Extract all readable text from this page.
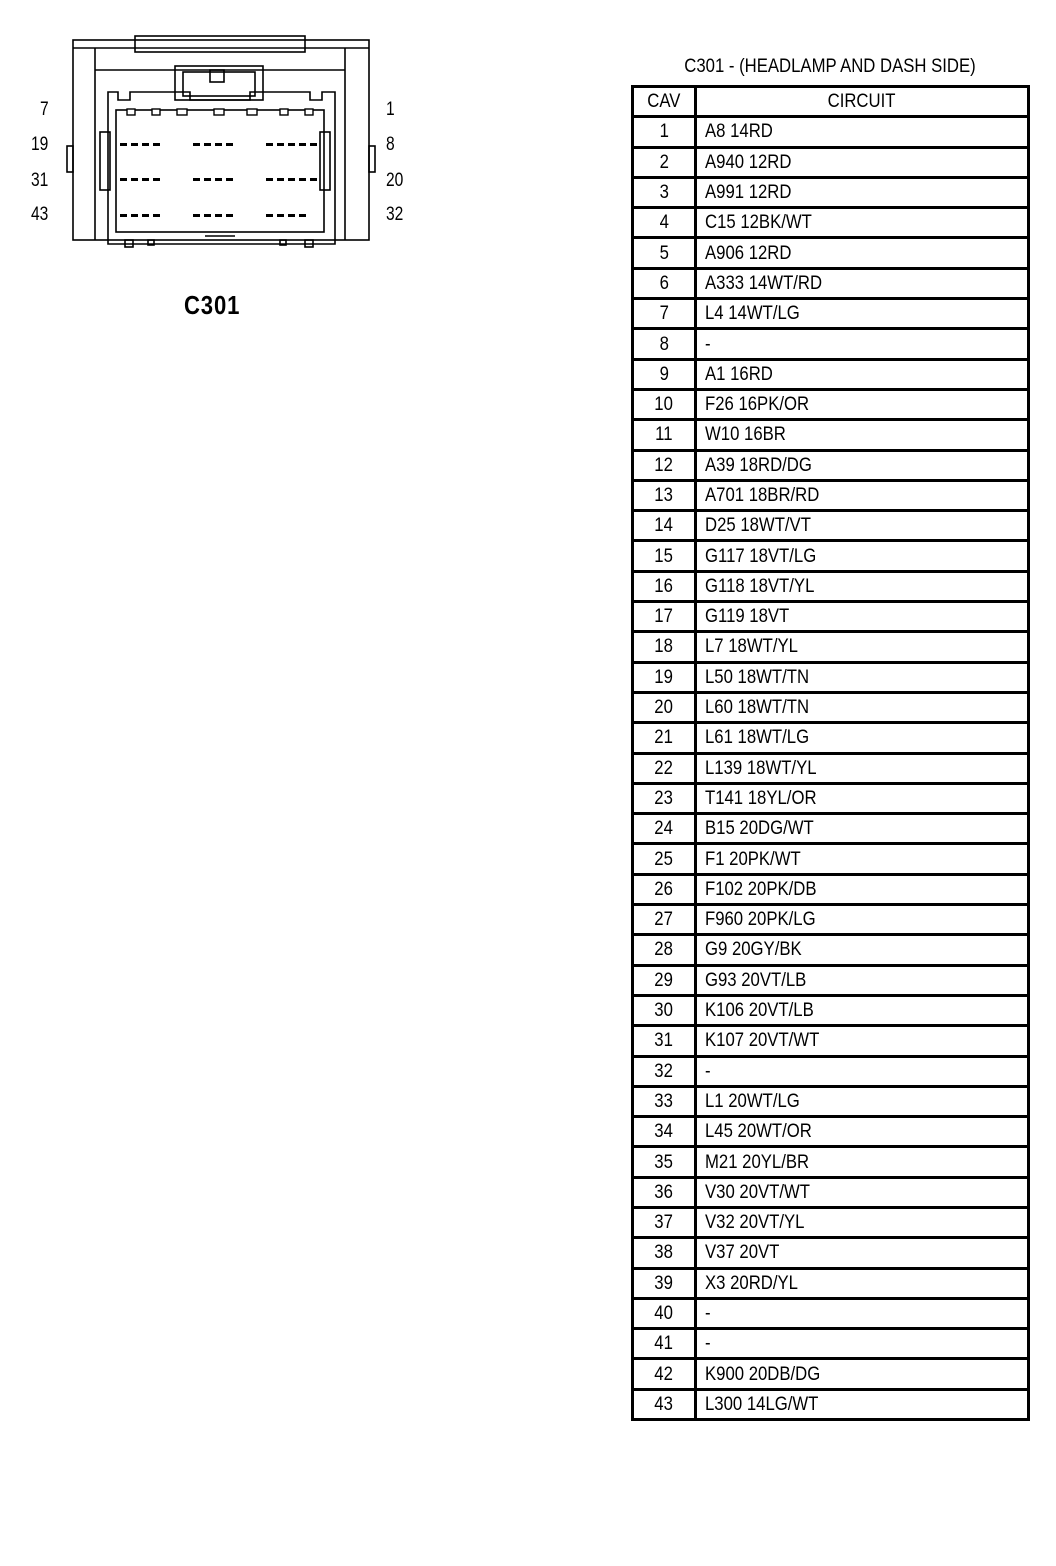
7
19
31
43
1
8
20
32
C301
C301 - (HEADLAMP AND DASH SIDE)
CAV	CIRCUIT
1	A8 14RD
2	A940 12RD
3	A991 12RD
4	C15 12BK/WT
5	A906 12RD
6	A333 14WT/RD
7	L4 14WT/LG
8	-
9	A1 16RD
10	F26 16PK/OR
11	W10 16BR
12	A39 18RD/DG
13	A701 18BR/RD
14	D25 18WT/VT
15	G117 18VT/LG
16	G118 18VT/YL
17	G119 18VT
18	L7 18WT/YL
19	L50 18WT/TN
20	L60 18WT/TN
21	L61 18WT/LG
22	L139 18WT/YL
23	T141 18YL/OR
24	B15 20DG/WT
25	F1 20PK/WT
26	F102 20PK/DB
27	F960 20PK/LG
28	G9 20GY/BK
29	G93 20VT/LB
30	K106 20VT/LB
31	K107 20VT/WT
32	-
33	L1 20WT/LG
34	L45 20WT/OR
35	M21 20YL/BR
36	V30 20VT/WT
37	V32 20VT/YL
38	V37 20VT
39	X3 20RD/YL
40	-
41	-
42	K900 20DB/DG
43	L300 14LG/WT
